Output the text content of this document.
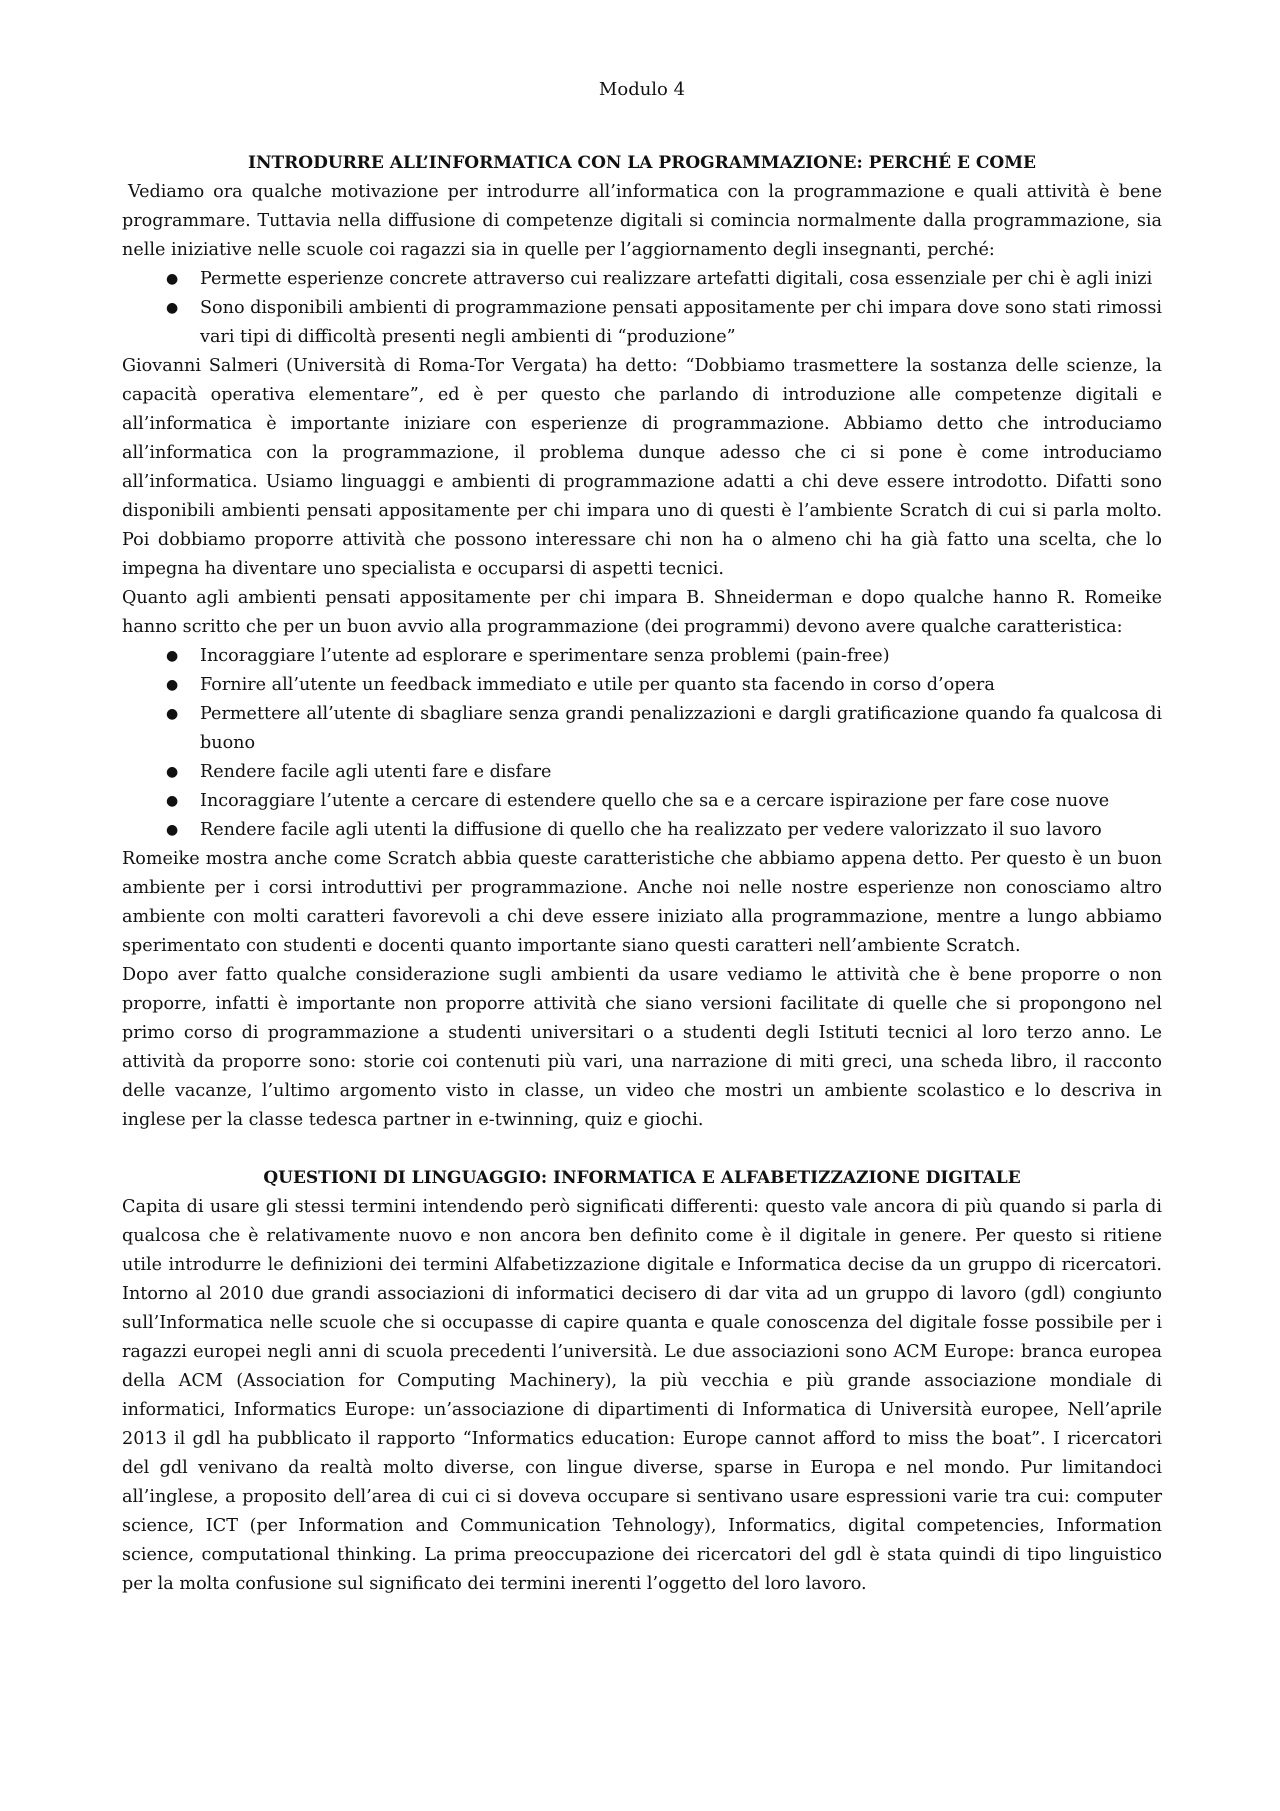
Modulo 4
INTRODURRE ALL’INFORMATICA CON LA PROGRAMMAZIONE: PERCHÉ E COME

Vediamo ora qualche motivazione per introdurre all’informatica con la programmazione e quali attività è bene programmare. Tuttavia nella diffusione di competenze digitali si comincia normalmente dalla programmazione, sia nelle iniziative nelle scuole coi ragazzi sia in quelle per l’aggiornamento degli insegnanti, perché:

● Permette esperienze concrete attraverso cui realizzare artefatti digitali, cosa essenziale per chi è agli inizi
● Sono disponibili ambienti di programmazione pensati appositamente per chi impara dove sono stati rimossi vari tipi di difficoltà presenti negli ambienti di “produzione”

Giovanni Salmeri (Università di Roma-Tor Vergata) ha detto: “Dobbiamo trasmettere la sostanza delle scienze, la capacità operativa elementare”, ed è per questo che parlando di introduzione alle competenze digitali e all’informatica è importante iniziare con esperienze di programmazione. Abbiamo detto che introduciamo all’informatica con la programmazione, il problema dunque adesso che ci si pone è come introduciamo all’informatica. Usiamo linguaggi e ambienti di programmazione adatti a chi deve essere introdotto. Difatti sono disponibili ambienti pensati appositamente per chi impara uno di questi è l’ambiente Scratch di cui si parla molto. Poi dobbiamo proporre attività che possono interessare chi non ha o almeno chi ha già fatto una scelta, che lo impegna ha diventare uno specialista e occuparsi di aspetti tecnici.

Quanto agli ambienti pensati appositamente per chi impara B. Shneiderman e dopo qualche hanno R. Romeike hanno scritto che per un buon avvio alla programmazione (dei programmi) devono avere qualche caratteristica:

● Incoraggiare l’utente ad esplorare e sperimentare senza problemi (pain-free)
● Fornire all’utente un feedback immediato e utile per quanto sta facendo in corso d’opera
● Permettere all’utente di sbagliare senza grandi penalizzazioni e dargli gratificazione quando fa qualcosa di buono
● Rendere facile agli utenti fare e disfare
● Incoraggiare l’utente a cercare di estendere quello che sa e a cercare ispirazione per fare cose nuove
● Rendere facile agli utenti la diffusione di quello che ha realizzato per vedere valorizzato il suo lavoro

Romeike mostra anche come Scratch abbia queste caratteristiche che abbiamo appena detto. Per questo è un buon ambiente per i corsi introduttivi per programmazione. Anche noi nelle nostre esperienze non conosciamo altro ambiente con molti caratteri favorevoli a chi deve essere iniziato alla programmazione, mentre a lungo abbiamo sperimentato con studenti e docenti quanto importante siano questi caratteri nell’ambiente Scratch.

Dopo aver fatto qualche considerazione sugli ambienti da usare vediamo le attività che è bene proporre o non proporre, infatti è importante non proporre attività che siano versioni facilitate di quelle che si propongono nel primo corso di programmazione a studenti universitari o a studenti degli Istituti tecnici al loro terzo anno. Le attività da proporre sono: storie coi contenuti più vari, una narrazione di miti greci, una scheda libro, il racconto delle vacanze, l’ultimo argomento visto in classe, un video che mostri un ambiente scolastico e lo descriva in inglese per la classe tedesca partner in e-twinning, quiz e giochi.

QUESTIONI DI LINGUAGGIO: INFORMATICA E ALFABETIZZAZIONE DIGITALE

Capita di usare gli stessi termini intendendo però significati differenti: questo vale ancora di più quando si parla di qualcosa che è relativamente nuovo e non ancora ben definito come è il digitale in genere. Per questo si ritiene utile introdurre le definizioni dei termini Alfabetizzazione digitale e Informatica decise da un gruppo di ricercatori. Intorno al 2010 due grandi associazioni di informatici decisero di dar vita ad un gruppo di lavoro (gdl) congiunto sull’Informatica nelle scuole che si occupasse di capire quanta e quale conoscenza del digitale fosse possibile per i ragazzi europei negli anni di scuola precedenti l’università. Le due associazioni sono ACM Europe: branca europea della ACM (Association for Computing Machinery), la più vecchia e più grande associazione mondiale di informatici, Informatics Europe: un’associazione di dipartimenti di Informatica di Università europee, Nell’aprile 2013 il gdl ha pubblicato il rapporto “Informatics education: Europe cannot afford to miss the boat”. I ricercatori del gdl venivano da realtà molto diverse, con lingue diverse, sparse in Europa e nel mondo. Pur limitandoci all’inglese, a proposito dell’area di cui ci si doveva occupare si sentivano usare espressioni varie tra cui: computer science, ICT (per Information and Communication Tehnology), Informatics, digital competencies, Information science, computational thinking. La prima preoccupazione dei ricercatori del gdl è stata quindi di tipo linguistico per la molta confusione sul significato dei termini inerenti l’oggetto del loro lavoro.
